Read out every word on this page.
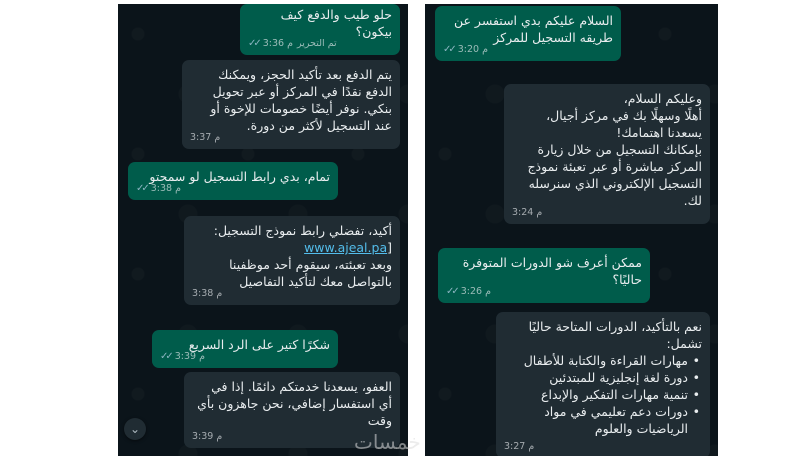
حلو طيب والدفع كيف بيكون؟
✓✓ 3:36 م تم التحرير
يتم الدفع بعد تأكيد الحجز، ويمكنك
الدفع نقدًا في المركز أو عبر تحويل
بنكي. نوفر أيضًا خصومات للإخوة أو
عند التسجيل لأكثر من دورة.
3:37 م
تمام، بدي رابط التسجيل لو سمحتو
✓✓ 3:38 م
أكيد، تفضلي رابط نموذج التسجيل:
[www.ajeal.pa
وبعد تعبئته، سيقوم أحد موظفينا
بالتواصل معك لتأكيد التفاصيل
3:38 م
شكرًا كتير على الرد السريع
✓✓ 3:39 م
العفو، يسعدنا خدمتكم دائمًا. إذا في
أي استفسار إضافي، نحن جاهزون بأي
وقت
3:39 م
⌄
السلام عليكم بدي استفسر عن
طريقه التسجيل للمركز
✓✓ 3:20 م
وعليكم السلام،
أهلًا وسهلًا بك في مركز أجيال،
يسعدنا اهتمامك!
بإمكانك التسجيل من خلال زيارة
المركز مباشرة أو عبر تعبئة نموذج
التسجيل الإلكتروني الذي سنرسله
لك.
3:24 م
ممكن أعرف شو الدورات المتوفرة
حاليًا؟
✓✓ 3:26 م
نعم بالتأكيد، الدورات المتاحة حاليًا
تشمل:
• مهارات القراءة والكتابة للأطفال
• دورة لغة إنجليزية للمبتدئين
• تنمية مهارات التفكير والإبداع
• دورات دعم تعليمي في مواد
الرياضيات والعلوم
3:27 م
خمسات
